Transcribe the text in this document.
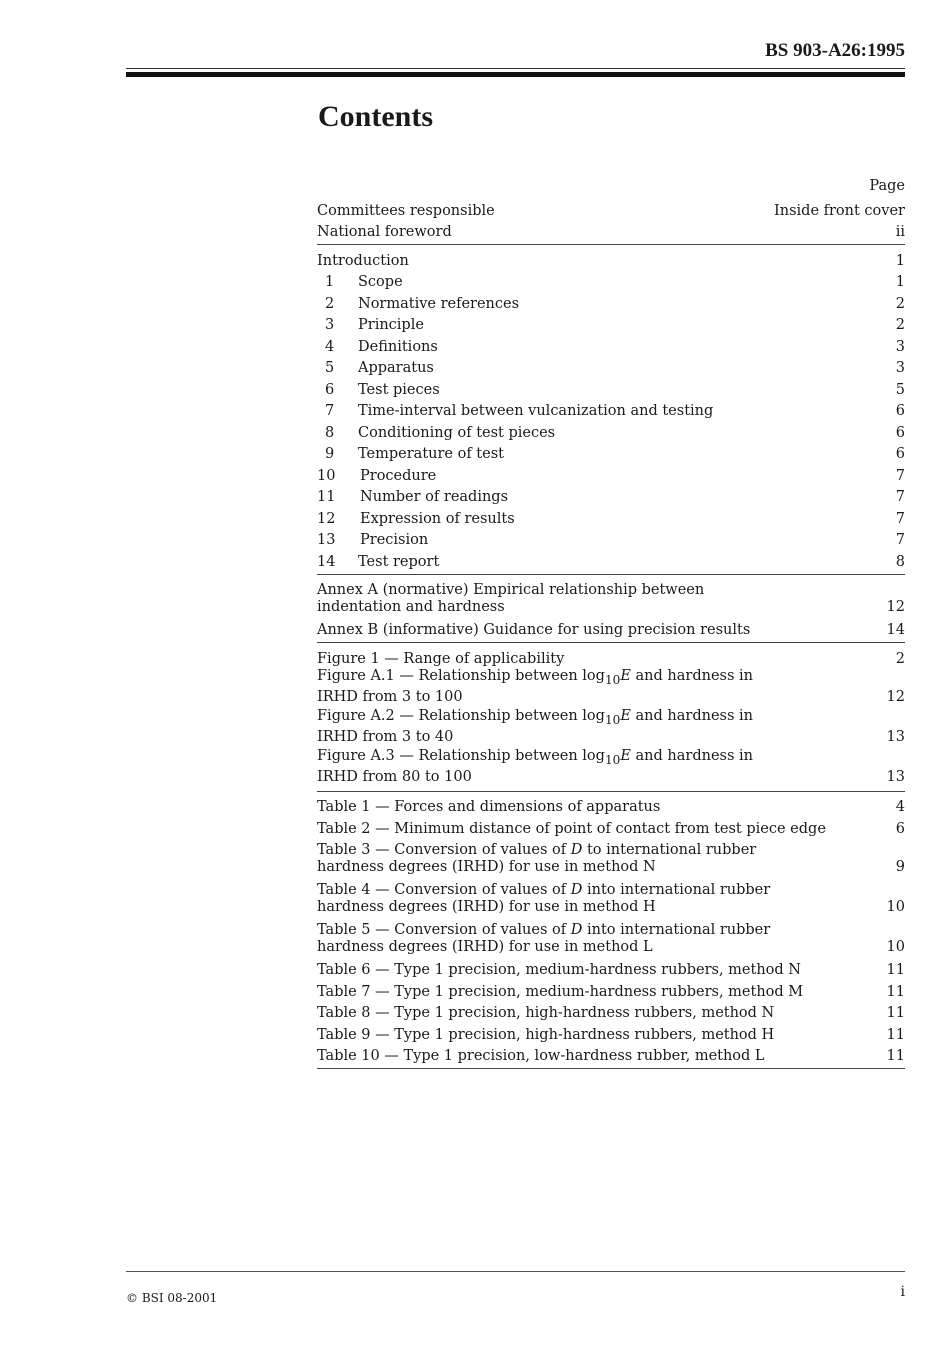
BS 903-A26:1995
Contents
Page
Committees responsible	Inside front cover
National foreword	ii
Introduction	1
1 Scope	1
2 Normative references	2
3 Principle	2
4 Definitions	3
5 Apparatus	3
6 Test pieces	5
7 Time-interval between vulcanization and testing	6
8 Conditioning of test pieces	6
9 Temperature of test	6
10 Procedure	7
11 Number of readings	7
12 Expression of results	7
13 Precision	7
14 Test report	8
Annex A (normative) Empirical relationship between
indentation and hardness	12
Annex B (informative) Guidance for using precision results	14
Figure 1 — Range of applicability	2
Figure A.1 — Relationship between $\log_{10}E$ and hardness in
IRHD from 3 to 100	12
Figure A.2 — Relationship between $\log_{10}E$ and hardness in
IRHD from 3 to 40	13
Figure A.3 — Relationship between $\log_{10}E$ and hardness in
IRHD from 80 to 100	13
Table 1 — Forces and dimensions of apparatus	4
Table 2 — Minimum distance of point of contact from test piece edge	6
Table 3 — Conversion of values of D to international rubber
hardness degrees (IRHD) for use in method N	9
Table 4 — Conversion of values of D into international rubber
hardness degrees (IRHD) for use in method H	10
Table 5 — Conversion of values of D into international rubber
hardness degrees (IRHD) for use in method L	10
Table 6 — Type 1 precision, medium-hardness rubbers, method N	11
Table 7 — Type 1 precision, medium-hardness rubbers, method M	11
Table 8 — Type 1 precision, high-hardness rubbers, method N	11
Table 9 — Type 1 precision, high-hardness rubbers, method H	11
Table 10 — Type 1 precision, low-hardness rubber, method L	11
© BSI 08-2001	i
